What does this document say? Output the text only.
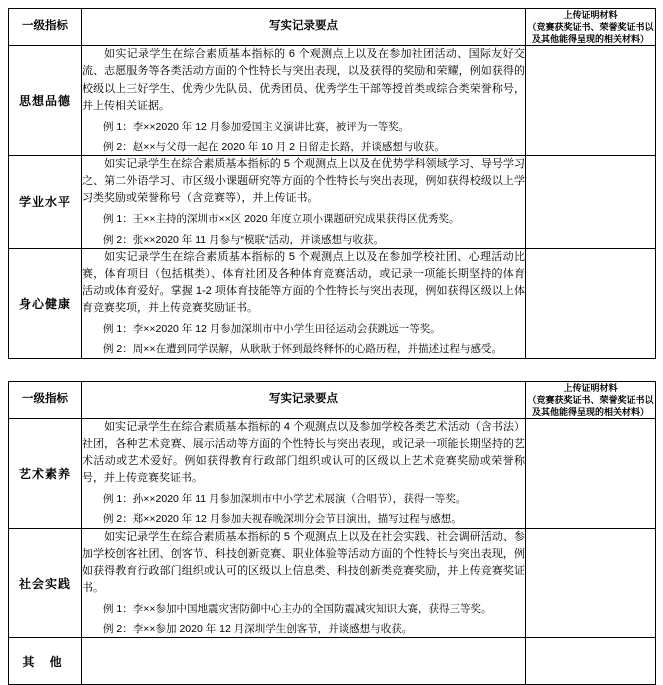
一级指标	写实记录要点	上传证明材料
（竞赛获奖证书、荣誉奖证书以
及其他能得呈现的相关材料）

思想品德	如实记录学生在综合素质基本指标的 6 个观测点上以及在参加社团活动、国际友好交流、志愿服务等各类活动方面的个性特长与突出表现，以及获得的奖励和荣耀，例如获得的校级以上三好学生、优秀少先队员、优秀团员、优秀学生干部等授首类或综合类荣誉称号，并上传相关证据。

例 1：李××2020 年 12 月参加爱国主义演讲比赛，被评为一等奖。

例 2：赵××与父母一起在 2020 年 10 月 2 日留走长路，并谈感想与收获。	

学业水平	如实记录学生在综合素质基本指标的 5 个观测点上以及在优势学科领域学习、导号学习之、第二外语学习、市区级小课题研究等方面的个性特长与突出表现，例如获得校级以上学习类奖励或荣誉称号（含竞赛等），并上传证书。

例 1：王××主持的深圳市××区 2020 年度立项小课题研究成果获得区优秀奖。

例 2：张××2020 年 11 月参与“模联”活动，并谈感想与收获。	

身心健康	如实记录学生在综合素质基本指标的 5 个观测点上以及在参加学校社团、心理活动比赛，体育项目（包括棋类）、体育社团及各种体育竞赛活动，或记录一项能长期坚持的体育活动或体育爱好。掌握 1-2 项体育技能等方面的个性特长与突出表现，例如获得区级以上体育竞赛奖项，并上传竞赛奖励证书。

例 1：李××2020 年 12 月参加深圳市中小学生田径运动会获跳远一等奖。

例 2：周××在遭到同学误解，从耿耿于怀到最终释怀的心路历程，并描述过程与感受。	

一级指标	写实记录要点	上传证明材料
（竞赛获奖证书、荣誉奖证书以
及其他能得呈现的相关材料）

艺术素养	如实记录学生在综合素质基本指标的 4 个观测点以及参加学校各类艺术活动（含书法）社团，各种艺术竞赛、展示活动等方面的个性特长与突出表现，或记录一项能长期坚持的艺术活动或艺术爱好。例如获得教育行政部门组织或认可的区级以上艺术竞赛奖励或荣誉称号，并上传竞赛奖证书。

例 1：孙××2020 年 11 月参加深圳市中小学艺术展演（合唱节），获得一等奖。

例 2：郑××2020 年 12 月参加夫视春晚深圳分会节目演出，描写过程与感想。	

社会实践	如实记录学生在综合素质基本指标的 5 个观测点上以及在社会实践、社会调研活动、参加学校创客社团、创客节、科技创新竞赛、职业体验等活动方面的个性特长与突出表现，例如获得教育行政部门组织或认可的区级以上信息类、科技创新类竞赛奖励，并上传竞赛奖证书。

例 1：李××参加中国地震灾害防御中心主办的全国防震减灾知识大赛，获得三等奖。

例 2：李××参加 2020 年 12 月深圳学生创客节，并谈感想与收获。	

其 他		
